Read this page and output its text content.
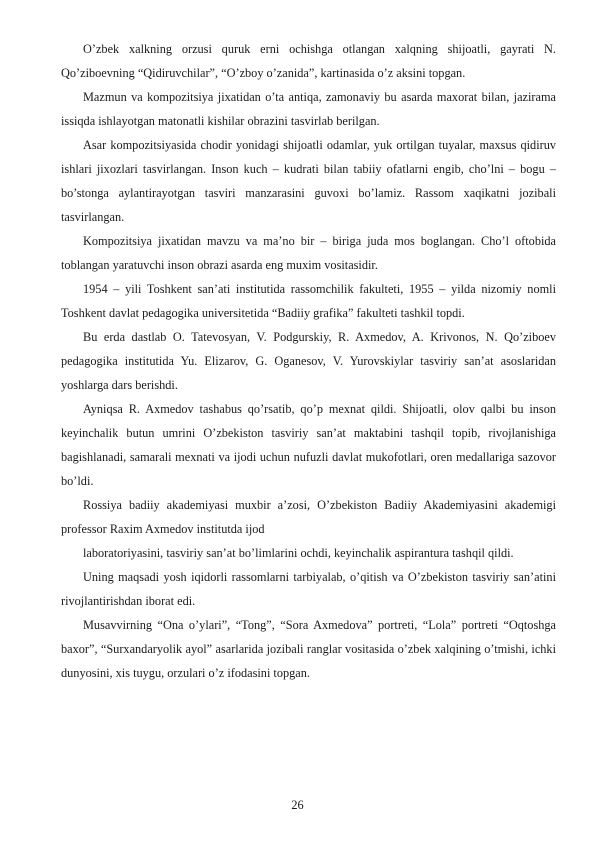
O’zbek xalkning orzusi quruk erni ochishga otlangan xalqning shijoatli, gayrati N. Qo’ziboevning “Qidiruvchilar”, “O’zboy o’zanida”, kartinasida o’z aksini topgan.

Mazmun va kompozitsiya jixatidan o’ta antiqa, zamonaviy bu asarda maxorat bilan, jazirama issiqda ishlayotgan matonatli kishilar obrazini tasvirlab berilgan.

Asar kompozitsiyasida chodir yonidagi shijoatli odamlar, yuk ortilgan tuyalar, maxsus qidiruv ishlari jixozlari tasvirlangan. Inson kuch – kudrati bilan tabiiy ofatlarni engib, cho’lni – bogu – bo’stonga aylantirayotgan tasviri manzarasini guvoxi bo’lamiz. Rassom xaqikatni jozibali tasvirlangan.

Kompozitsiya jixatidan mavzu va ma’no bir – biriga juda mos boglangan. Cho’l oftobida toblangan yaratuvchi inson obrazi asarda eng muxim vositasidir.

1954 – yili Toshkent san’ati institutida rassomchilik fakulteti, 1955 – yilda nizomiy nomli Toshkent davlat pedagogika universitetida “Badiiy grafika” fakulteti tashkil topdi.

Bu erda dastlab O. Tatevosyan, V. Podgurskiy, R. Axmedov, A. Krivonos, N. Qo’ziboev pedagogika institutida Yu. Elizarov, G. Oganesov, V. Yurovskiylar tasviriy san’at asoslaridan yoshlarga dars berishdi.

Ayniqsa R. Axmedov tashabus qo’rsatib, qo’p mexnat qildi. Shijoatli, olov qalbi bu inson keyinchalik butun umrini O’zbekiston tasviriy san’at maktabini tashqil topib, rivojlanishiga bagishlanadi, samarali mexnati va ijodi uchun nufuzli davlat mukofotlari, oren medallariga sazovor bo’ldi.

Rossiya badiiy akademiyasi muxbir a’zosi, O’zbekiston Badiiy Akademiyasini akademigi professor Raxim Axmedov institutda ijod

laboratoriyasini, tasviriy san’at bo’limlarini ochdi, keyinchalik aspirantura tashqil qildi.

Uning maqsadi yosh iqidorli rassomlarni tarbiyalab, o’qitish va O’zbekiston tasviriy san’atini rivojlantirishdan iborat edi.

Musavvirning “Ona o’ylari”, “Tong”, “Sora Axmedova” portreti, “Lola” portreti “Oqtoshga baxor”, “Surxandaryolik ayol” asarlarida jozibali ranglar vositasida o’zbek xalqining o’tmishi, ichki dunyosini, xis tuygu, orzulari o’z ifodasini topgan.

26
